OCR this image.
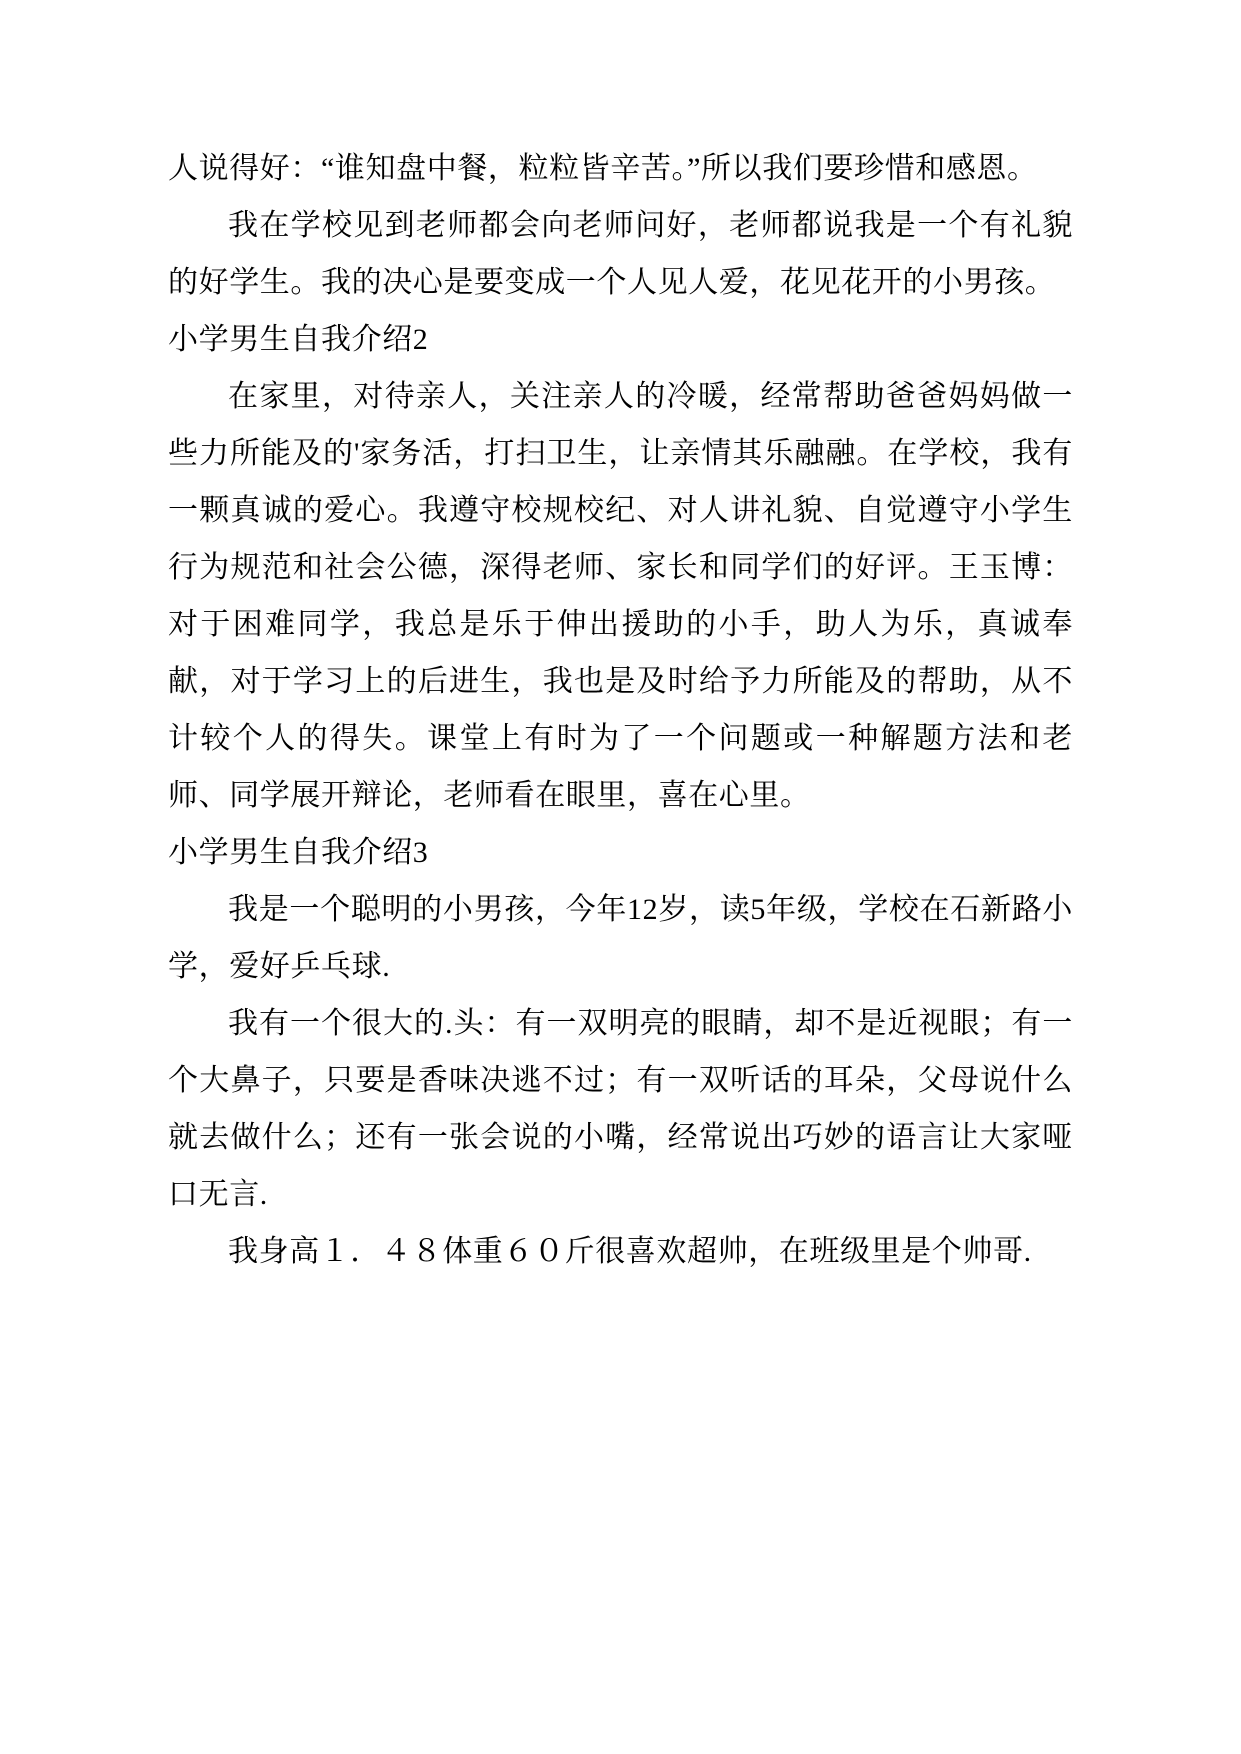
人说得好：“谁知盘中餐，粒粒皆辛苦。”所以我们要珍惜和感恩。

我在学校见到老师都会向老师问好，老师都说我是一个有礼貌的好学生。我的决心是要变成一个人见人爱，花见花开的小男孩。

小学男生自我介绍2

在家里，对待亲人，关注亲人的冷暖，经常帮助爸爸妈妈做一些力所能及的'家务活，打扫卫生，让亲情其乐融融。在学校，我有一颗真诚的爱心。我遵守校规校纪、对人讲礼貌、自觉遵守小学生行为规范和社会公德，深得老师、家长和同学们的好评。王玉博：对于困难同学，我总是乐于伸出援助的小手，助人为乐，真诚奉献，对于学习上的后进生，我也是及时给予力所能及的帮助，从不计较个人的得失。课堂上有时为了一个问题或一种解题方法和老师、同学展开辩论，老师看在眼里，喜在心里。

小学男生自我介绍3

我是一个聪明的小男孩，今年12岁，读5年级，学校在石新路小学，爱好乒乓球.

我有一个很大的.头：有一双明亮的眼睛，却不是近视眼；有一个大鼻子，只要是香味决逃不过；有一双听话的耳朵，父母说什么就去做什么；还有一张会说的小嘴，经常说出巧妙的语言让大家哑口无言.

我身高１．４８体重６０斤很喜欢超帅，在班级里是个帅哥.
